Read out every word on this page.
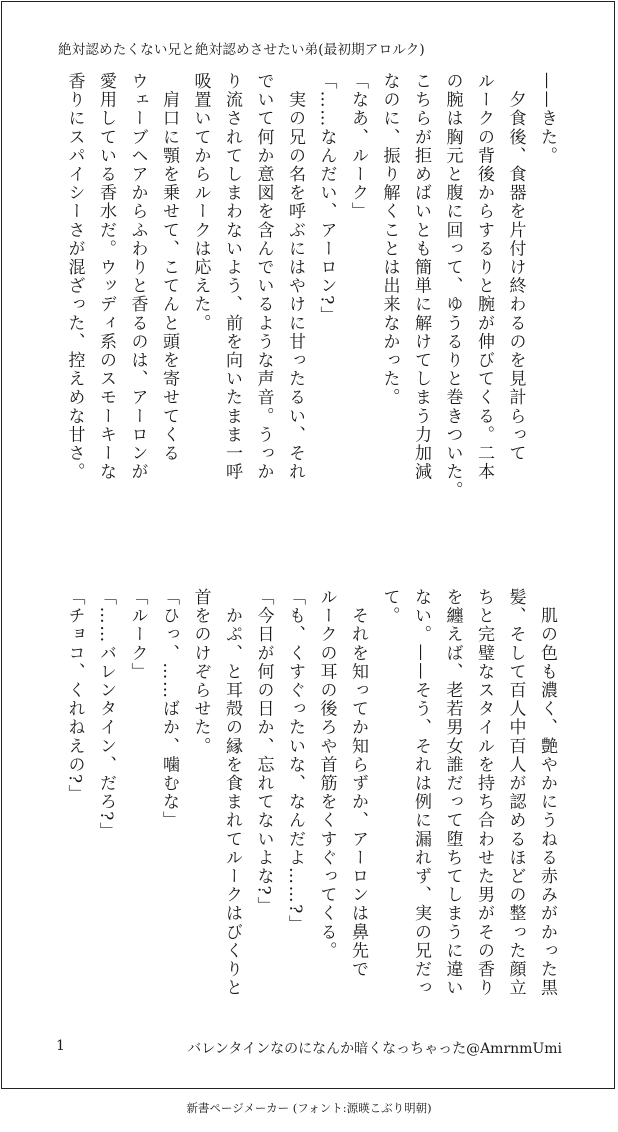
絶対認めたくない兄と絶対認めさせたい弟(最初期アロルク)
——きた。
　夕食後、食器を片付け終わるのを見計らって
ルークの背後からするりと腕が伸びてくる。二本
の腕は胸元と腹に回って、ゆうるりと巻きついた。
こちらが拒めばいとも簡単に解けてしまう力加減
なのに、振り解くことは出来なかった。
「なあ、ルーク」
「……なんだい、アーロン?」
　実の兄の名を呼ぶにはやけに甘ったるい、それ
でいて何か意図を含んでいるような声音。うっか
り流されてしまわないよう、前を向いたまま一呼
吸置いてからルークは応えた。
　肩口に顎を乗せて、こてんと頭を寄せてくる
ウェーブヘアからふわりと香るのは、アーロンが
愛用している香水だ。ウッディ系のスモーキーな
香りにスパイシーさが混ざった、控えめな甘さ。
　肌の色も濃く、艶やかにうねる赤みがかった黒
髪、そして百人中百人が認めるほどの整った顔立
ちと完璧なスタイルを持ち合わせた男がその香り
を纏えば、老若男女誰だって堕ちてしまうに違い
ない。——そう、それは例に漏れず、実の兄だっ
て。
　それを知ってか知らずか、アーロンは鼻先で
ルークの耳の後ろや首筋をくすぐってくる。
「も、くすぐったいな、なんだよ……?」
「今日が何の日か、忘れてないよな?」
　かぷ、と耳殻の縁を食まれてルークはびくりと
首をのけぞらせた。
「ひっ、……ばか、噛むな」
「ルーク」
「……バレンタイン、だろ?」
「チョコ、くれねえの?」
1	バレンタインなのになんか暗くなっちゃった@AmrnmUmi
新書ページメーカー (フォント:源暎こぶり明朝)
